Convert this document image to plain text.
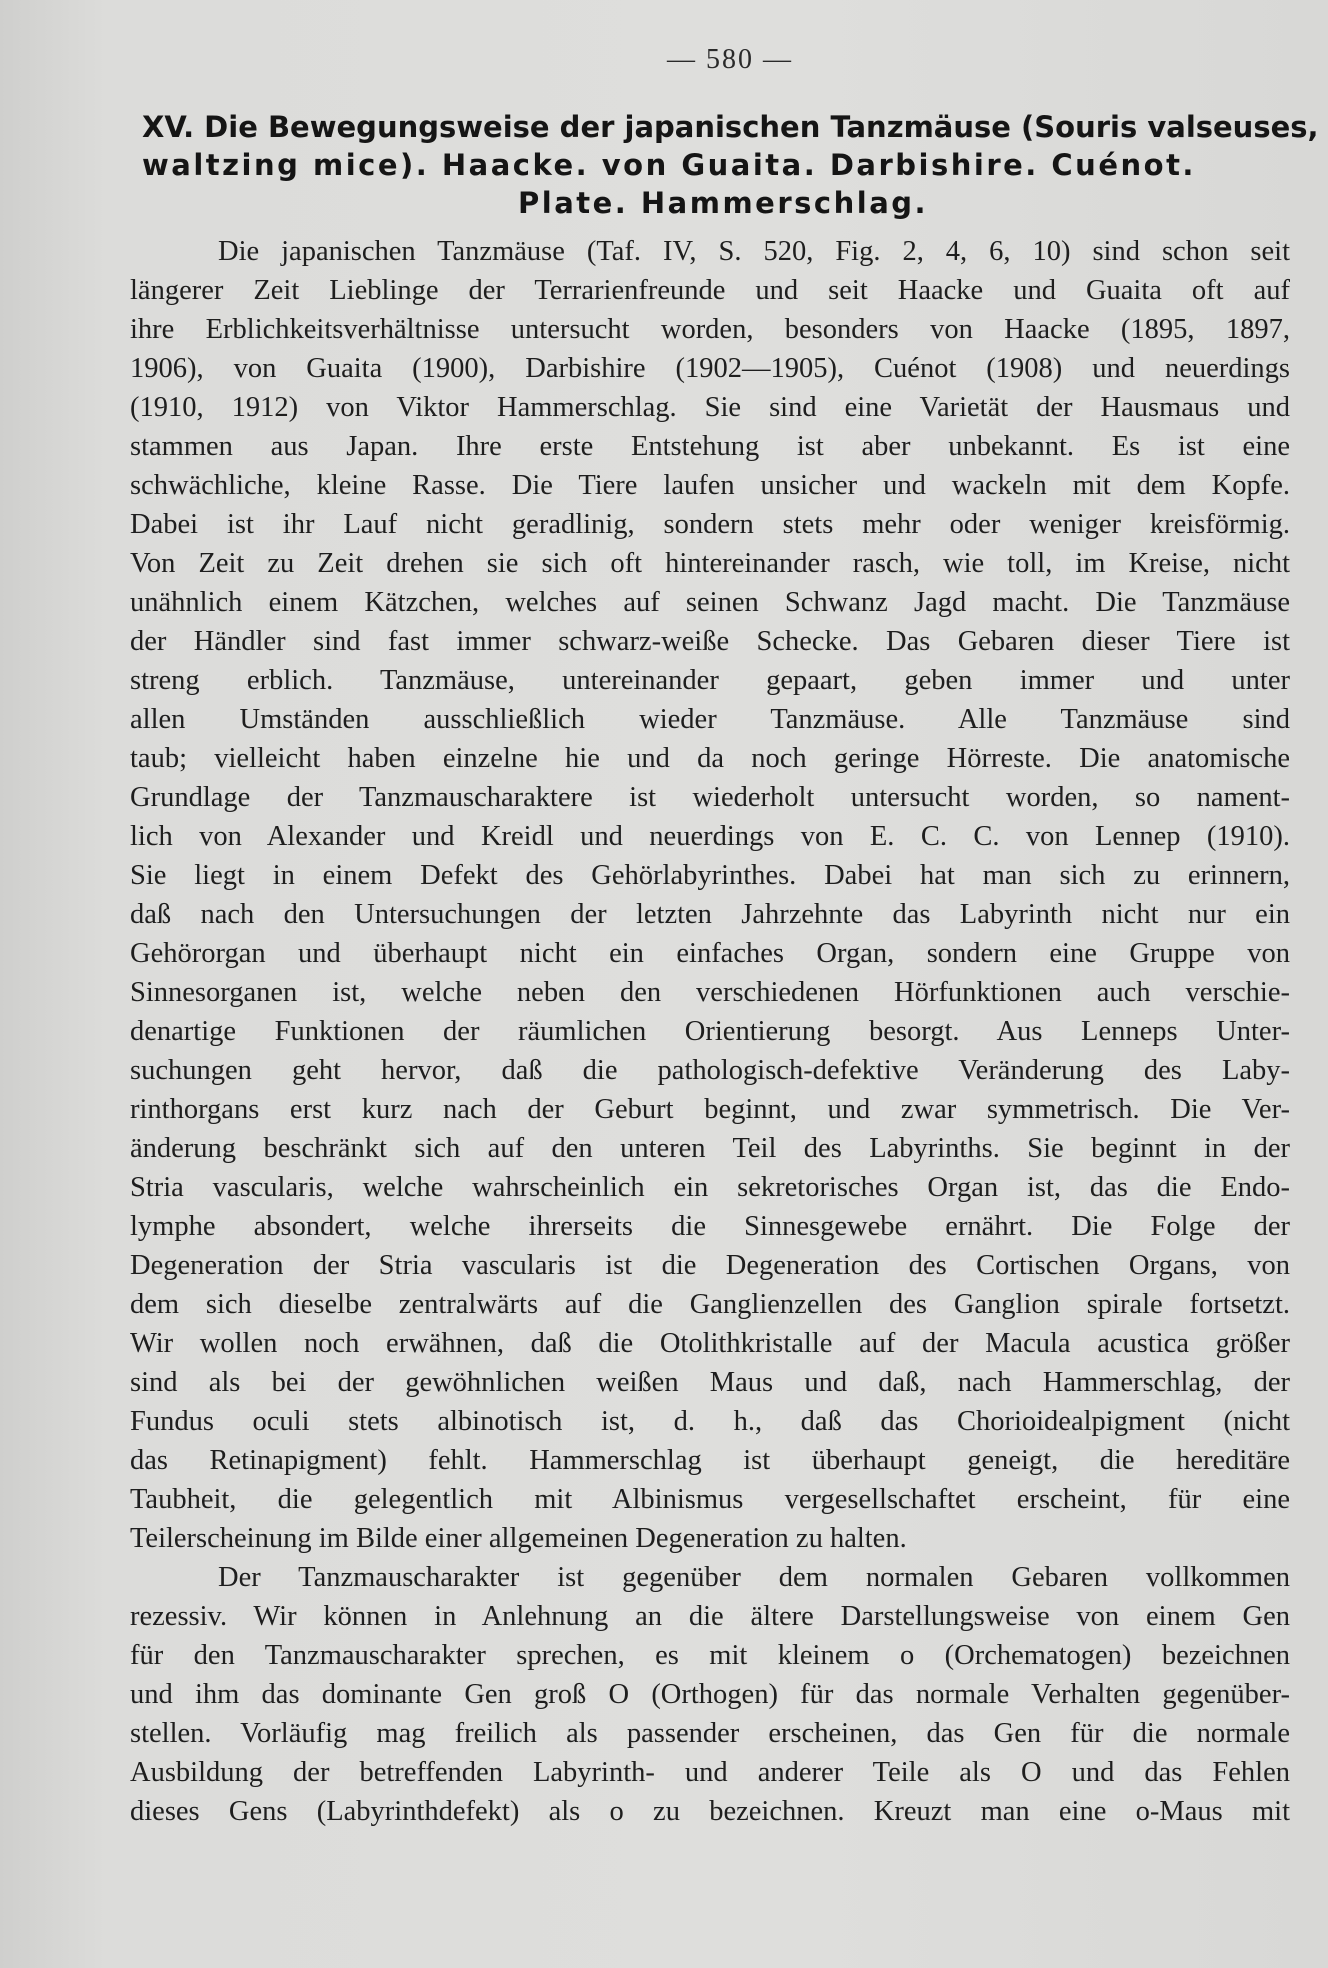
— 580 —
XV. Die Bewegungsweise der japanischen Tanzmäuse (Souris valseuses,
waltzing mice). Haacke. von Guaita. Darbishire. Cuénot.
Plate. Hammerschlag.
Die japanischen Tanzmäuse (Taf. IV, S. 520, Fig. 2, 4, 6, 10) sind schon seit
längerer Zeit Lieblinge der Terrarienfreunde und seit Haacke und Guaita oft auf
ihre Erblichkeitsverhältnisse untersucht worden, besonders von Haacke (1895, 1897,
1906), von Guaita (1900), Darbishire (1902—1905), Cuénot (1908) und neuerdings
(1910, 1912) von Viktor Hammerschlag. Sie sind eine Varietät der Hausmaus und
stammen aus Japan. Ihre erste Entstehung ist aber unbekannt. Es ist eine
schwächliche, kleine Rasse. Die Tiere laufen unsicher und wackeln mit dem Kopfe.
Dabei ist ihr Lauf nicht geradlinig, sondern stets mehr oder weniger kreisförmig.
Von Zeit zu Zeit drehen sie sich oft hintereinander rasch, wie toll, im Kreise, nicht
unähnlich einem Kätzchen, welches auf seinen Schwanz Jagd macht. Die Tanzmäuse
der Händler sind fast immer schwarz-weiße Schecke. Das Gebaren dieser Tiere ist
streng erblich. Tanzmäuse, untereinander gepaart, geben immer und unter
allen Umständen ausschließlich wieder Tanzmäuse. Alle Tanzmäuse sind
taub; vielleicht haben einzelne hie und da noch geringe Hörreste. Die anatomische
Grundlage der Tanzmauscharaktere ist wiederholt untersucht worden, so nament-
lich von Alexander und Kreidl und neuerdings von E. C. C. von Lennep (1910).
Sie liegt in einem Defekt des Gehörlabyrinthes. Dabei hat man sich zu erinnern,
daß nach den Untersuchungen der letzten Jahrzehnte das Labyrinth nicht nur ein
Gehörorgan und überhaupt nicht ein einfaches Organ, sondern eine Gruppe von
Sinnesorganen ist, welche neben den verschiedenen Hörfunktionen auch verschie-
denartige Funktionen der räumlichen Orientierung besorgt. Aus Lenneps Unter-
suchungen geht hervor, daß die pathologisch-defektive Veränderung des Laby-
rinthorgans erst kurz nach der Geburt beginnt, und zwar symmetrisch. Die Ver-
änderung beschränkt sich auf den unteren Teil des Labyrinths. Sie beginnt in der
Stria vascularis, welche wahrscheinlich ein sekretorisches Organ ist, das die Endo-
lymphe absondert, welche ihrerseits die Sinnesgewebe ernährt. Die Folge der
Degeneration der Stria vascularis ist die Degeneration des Cortischen Organs, von
dem sich dieselbe zentralwärts auf die Ganglienzellen des Ganglion spirale fortsetzt.
Wir wollen noch erwähnen, daß die Otolithkristalle auf der Macula acustica größer
sind als bei der gewöhnlichen weißen Maus und daß, nach Hammerschlag, der
Fundus oculi stets albinotisch ist, d. h., daß das Chorioidealpigment (nicht
das Retinapigment) fehlt. Hammerschlag ist überhaupt geneigt, die hereditäre
Taubheit, die gelegentlich mit Albinismus vergesellschaftet erscheint, für eine
Teilerscheinung im Bilde einer allgemeinen Degeneration zu halten.
Der Tanzmauscharakter ist gegenüber dem normalen Gebaren vollkommen
rezessiv. Wir können in Anlehnung an die ältere Darstellungsweise von einem Gen
für den Tanzmauscharakter sprechen, es mit kleinem o (Orchematogen) bezeichnen
und ihm das dominante Gen groß O (Orthogen) für das normale Verhalten gegenüber-
stellen. Vorläufig mag freilich als passender erscheinen, das Gen für die normale
Ausbildung der betreffenden Labyrinth- und anderer Teile als O und das Fehlen
dieses Gens (Labyrinthdefekt) als o zu bezeichnen. Kreuzt man eine o-Maus mit
